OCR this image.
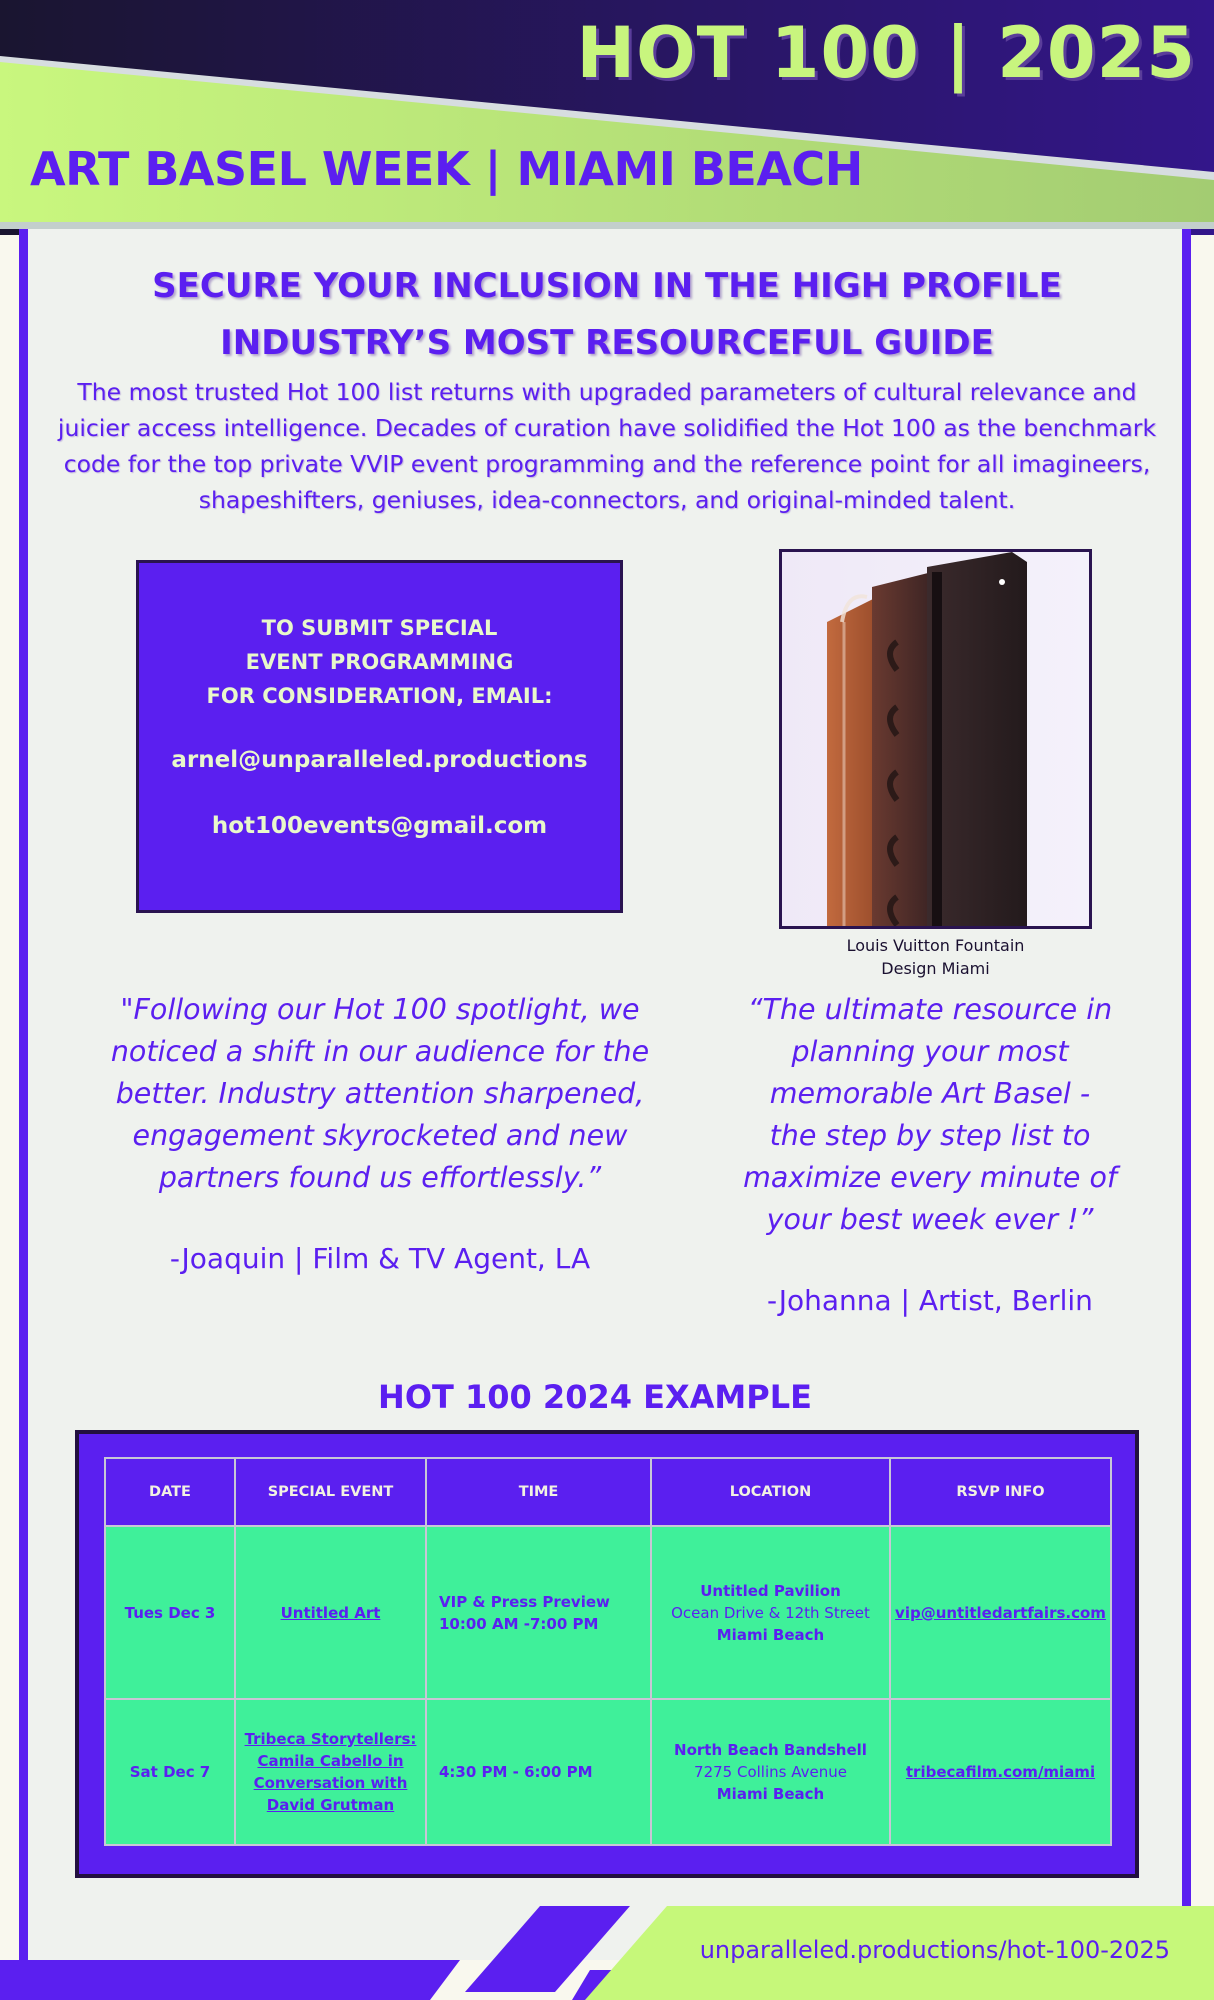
HOT 100 | 2025
ART BASEL WEEK | MIAMI BEACH
SECURE YOUR INCLUSION IN THE HIGH PROFILE
INDUSTRY’S MOST RESOURCEFUL GUIDE

The most trusted Hot 100 list returns with upgraded parameters of cultural relevance and juicier access intelligence. Decades of curation have solidified the Hot 100 as the benchmark code for the top private VVIP event programming and the reference point for all imagineers, shapeshifters, geniuses, idea-connectors, and original-minded talent.

TO SUBMIT SPECIAL
EVENT PROGRAMMING
FOR CONSIDERATION, EMAIL:
arnel@unparalleled.productions
hot100events@gmail.com
Louis Vuitton Fountain
Design Miami

"Following our Hot 100 spotlight, we
noticed a shift in our audience for the
better. Industry attention sharpened,
engagement skyrocketed and new
partners found us effortlessly.”

-Joaquin | Film & TV Agent, LA

“The ultimate resource in
planning your most
memorable Art Basel -
the step by step list to
maximize every minute of
your best week ever !”

-Johanna | Artist, Berlin

HOT 100 2024 EXAMPLE
DATE	SPECIAL EVENT	TIME	LOCATION	RSVP INFO
Tues Dec 3	Untitled Art	VIP & Press Preview
10:00 AM -7:00 PM	Untitled Pavilion
Ocean Drive & 12th Street
Miami Beach	vip@untitledartfairs.com

Sat Dec 7	Tribeca Storytellers:
Camila Cabello in
Conversation with
David Grutman	4:30 PM - 6:00 PM	North Beach Bandshell
7275 Collins Avenue
Miami Beach	tribecafilm.com/miami

unparalleled.productions/hot-100-2025
